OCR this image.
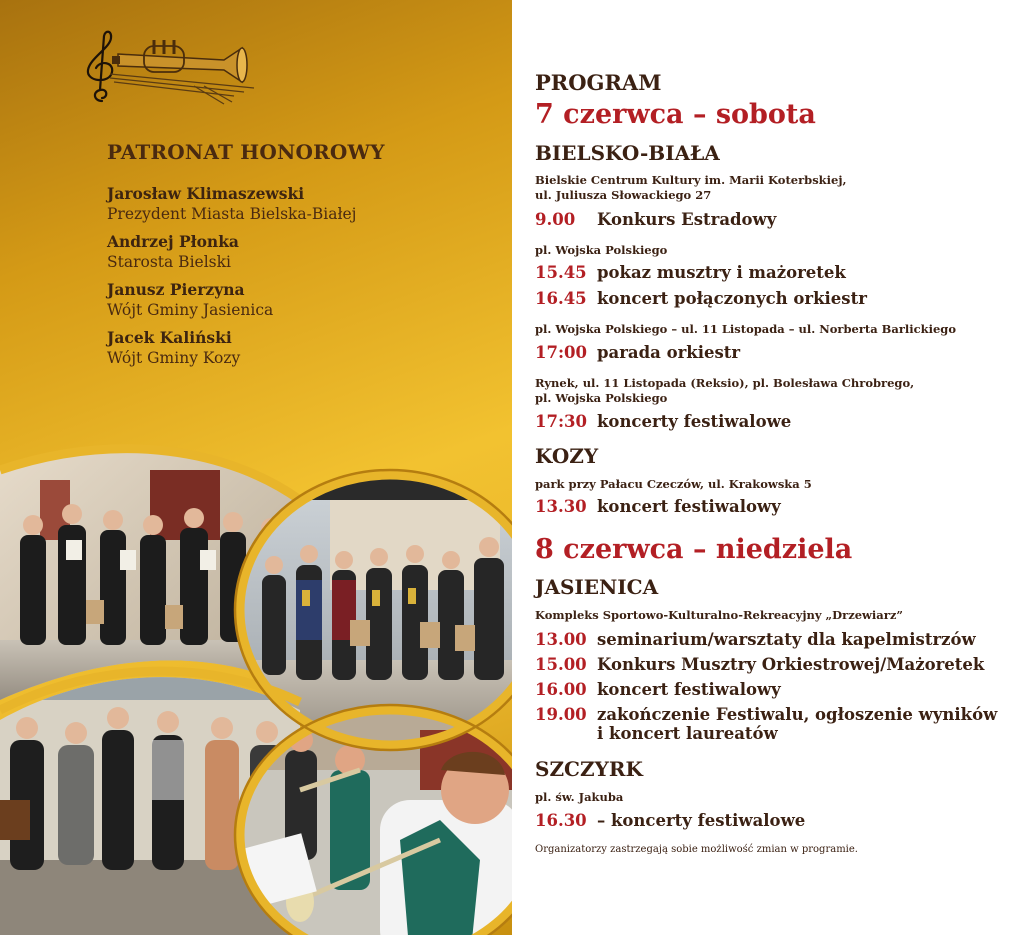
PATRONAT HONOROWY
Jarosław Klimaszewski
Prezydent Miasta Bielska-Białej
Andrzej Płonka
Starosta Bielski
Janusz Pierzyna
Wójt Gminy Jasienica
Jacek Kaliński
Wójt Gminy Kozy
PROGRAM
7 czerwca – sobota
BIELSKO-BIAŁA
Bielskie Centrum Kultury im. Marii Koterbskiej,
ul. Juliusza Słowackiego 27
9.00	Konkurs Estradowy
pl. Wojska Polskiego
15.45 pokaz musztry i mażoretek
16.45 koncert połączonych orkiestr
pl. Wojska Polskiego – ul. 11 Listopada – ul. Norberta Barlickiego
17:00 parada orkiestr
Rynek, ul. 11 Listopada (Reksio), pl. Bolesława Chrobrego,
pl. Wojska Polskiego
17:30 koncerty festiwalowe
KOZY
park przy Pałacu Czeczów, ul. Krakowska 5
13.30 koncert festiwalowy
8 czerwca – niedziela
JASIENICA
Kompleks Sportowo-Kulturalno-Rekreacyjny „Drzewiarz”
13.00 seminarium/warsztaty dla kapelmistrzów
15.00 Konkurs Musztry Orkiestrowej/Mażoretek
16.00 koncert festiwalowy
19.00 zakończenie Festiwalu, ogłoszenie wyników
i koncert laureatów
SZCZYRK
pl. św. Jakuba
16.30 – koncerty festiwalowe
Organizatorzy zastrzegają sobie możliwość zmian w programie.
